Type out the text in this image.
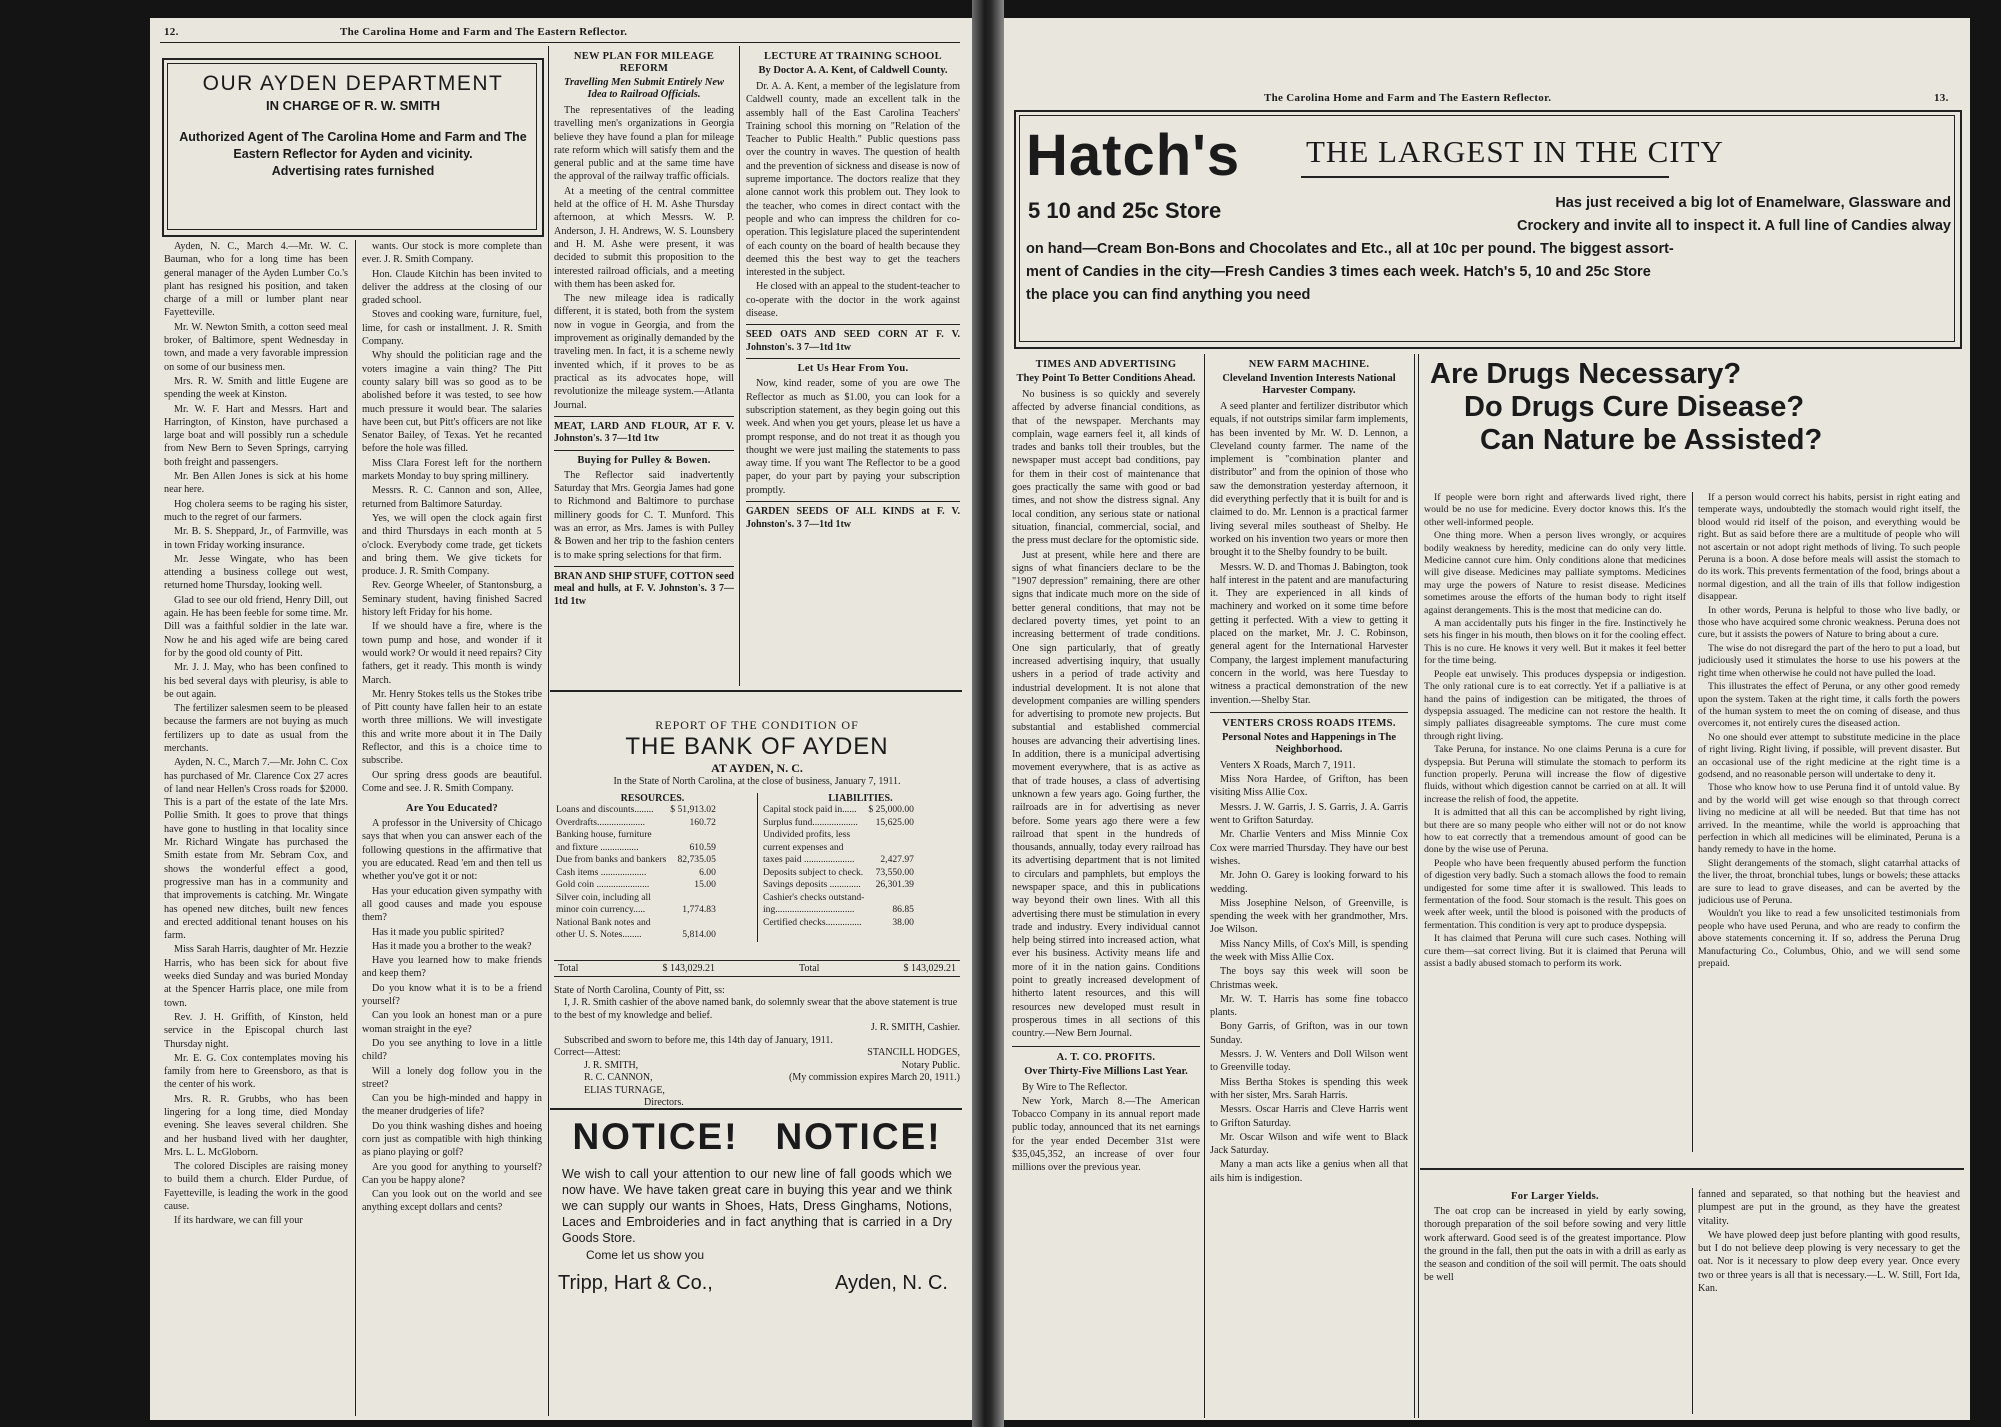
12.	The Carolina Home and Farm and The Eastern Reflector.
OUR AYDEN DEPARTMENT
IN CHARGE OF R. W. SMITH
Authorized Agent of The Carolina Home and Farm and The
Eastern Reflector for Ayden and vicinity.
Advertising rates furnished

Ayden, N. C., March 4.—Mr. W. C. Bauman, who for a long time has been general manager of the Ayden Lumber Co.'s plant has resigned his position, and taken charge of a mill or lumber plant near Fayetteville.

Mr. W. Newton Smith, a cotton seed meal broker, of Baltimore, spent Wednesday in town, and made a very favorable impression on some of our business men.

Mrs. R. W. Smith and little Eugene are spending the week at Kinston.

Mr. W. F. Hart and Messrs. Hart and Harrington, of Kinston, have purchased a large boat and will possibly run a schedule from New Bern to Seven Springs, carrying both freight and passengers.

Mr. Ben Allen Jones is sick at his home near here.

Hog cholera seems to be raging his sister, much to the regret of our farmers.

Mr. B. S. Sheppard, Jr., of Farmville, was in town Friday working insurance.

Mr. Jesse Wingate, who has been attending a business college out west, returned home Thursday, looking well.

Glad to see our old friend, Henry Dill, out again. He has been feeble for some time. Mr. Dill was a faithful soldier in the late war. Now he and his aged wife are being cared for by the good old county of Pitt.

Mr. J. J. May, who has been confined to his bed several days with pleurisy, is able to be out again.

The fertilizer salesmen seem to be pleased because the farmers are not buying as much fertilizers up to date as usual from the merchants.

Ayden, N. C., March 7.—Mr. John C. Cox has purchased of Mr. Clarence Cox 27 acres of land near Hellen's Cross roads for $2000. This is a part of the estate of the late Mrs. Pollie Smith. It goes to prove that things have gone to hustling in that locality since Mr. Richard Wingate has purchased the Smith estate from Mr. Sebram Cox, and shows the wonderful effect a good, progressive man has in a community and that improvements is catching. Mr. Wingate has opened new ditches, built new fences and erected additional tenant houses on his farm.

Miss Sarah Harris, daughter of Mr. Hezzie Harris, who has been sick for about five weeks died Sunday and was buried Monday at the Spencer Harris place, one mile from town.

Rev. J. H. Griffith, of Kinston, held service in the Episcopal church last Thursday night.

Mr. E. G. Cox contemplates moving his family from here to Greensboro, as that is the center of his work.

Mrs. R. R. Grubbs, who has been lingering for a long time, died Monday evening. She leaves several children. She and her husband lived with her daughter, Mrs. L. L. McGloborn.

The colored Disciples are raising money to build them a church. Elder Purdue, of Fayetteville, is leading the work in the good cause.

If its hardware, we can fill your

wants. Our stock is more complete than ever. J. R. Smith Company.

Hon. Claude Kitchin has been invited to deliver the address at the closing of our graded school.

Stoves and cooking ware, furniture, fuel, lime, for cash or installment. J. R. Smith Company.

Why should the politician rage and the voters imagine a vain thing? The Pitt county salary bill was so good as to be abolished before it was tested, to see how much pressure it would bear. The salaries have been cut, but Pitt's officers are not like Senator Bailey, of Texas. Yet he recanted before the hole was filled.

Miss Clara Forest left for the northern markets Monday to buy spring millinery.

Messrs. R. C. Cannon and son, Allee, returned from Baltimore Saturday.

Yes, we will open the clock again first and third Thursdays in each month at 5 o'clock. Everybody come trade, get tickets and bring them. We give tickets for produce. J. R. Smith Company.

Rev. George Wheeler, of Stantonsburg, a Seminary student, having finished Sacred history left Friday for his home.

If we should have a fire, where is the town pump and hose, and wonder if it would work? Or would it need repairs? City fathers, get it ready. This month is windy March.

Mr. Henry Stokes tells us the Stokes tribe of Pitt county have fallen heir to an estate worth three millions. We will investigate this and write more about it in The Daily Reflector, and this is a choice time to subscribe.

Our spring dress goods are beautiful. Come and see. J. R. Smith Company.

Are You Educated?

A professor in the University of Chicago says that when you can answer each of the following questions in the affirmative that you are educated. Read 'em and then tell us whether you've got it or not:

Has your education given sympathy with all good causes and made you espouse them?

Has it made you public spirited?

Has it made you a brother to the weak?

Have you learned how to make friends and keep them?

Do you know what it is to be a friend yourself?

Can you look an honest man or a pure woman straight in the eye?

Do you see anything to love in a little child?

Will a lonely dog follow you in the street?

Can you be high-minded and happy in the meaner drudgeries of life?

Do you think washing dishes and hoeing corn just as compatible with high thinking as piano playing or golf?

Are you good for anything to yourself? Can you be happy alone?

Can you look out on the world and see anything except dollars and cents?

NEW PLAN FOR MILEAGE REFORM
Travelling Men Submit Entirely New Idea to Railroad Officials.

The representatives of the leading travelling men's organizations in Georgia believe they have found a plan for mileage rate reform which will satisfy them and the general public and at the same time have the approval of the railway traffic officials.

At a meeting of the central committee held at the office of H. M. Ashe Thursday afternoon, at which Messrs. W. P. Anderson, J. H. Andrews, W. S. Lounsbery and H. M. Ashe were present, it was decided to submit this proposition to the interested railroad officials, and a meeting with them has been asked for.

The new mileage idea is radically different, it is stated, both from the system now in vogue in Georgia, and from the improvement as originally demanded by the traveling men. In fact, it is a scheme newly invented which, if it proves to be as practical as its advocates hope, will revolutionize the mileage system.—Atlanta Journal.

MEAT, LARD AND FLOUR, AT F. V. Johnston's. 3 7—1td 1tw
Buying for Pulley & Bowen.

The Reflector said inadvertently Saturday that Mrs. Georgia James had gone to Richmond and Baltimore to purchase millinery goods for C. T. Munford. This was an error, as Mrs. James is with Pulley & Bowen and her trip to the fashion centers is to make spring selections for that firm.

BRAN AND SHIP STUFF, COTTON seed meal and hulls, at F. V. Johnston's. 3 7—1td 1tw
LECTURE AT TRAINING SCHOOL
By Doctor A. A. Kent, of Caldwell County.

Dr. A. A. Kent, a member of the legislature from Caldwell county, made an excellent talk in the assembly hall of the East Carolina Teachers' Training school this morning on "Relation of the Teacher to Public Health." Public questions pass over the country in waves. The question of health and the prevention of sickness and disease is now of supreme importance. The doctors realize that they alone cannot work this problem out. They look to the teacher, who comes in direct contact with the people and who can impress the children for co-operation. This legislature placed the superintendent of each county on the board of health because they deemed this the best way to get the teachers interested in the subject.

He closed with an appeal to the student-teacher to co-operate with the doctor in the work against disease.

SEED OATS AND SEED CORN AT F. V. Johnston's. 3 7—1td 1tw
Let Us Hear From You.

Now, kind reader, some of you are owe The Reflector as much as $1.00, you can look for a subscription statement, as they begin going out this week. And when you get yours, please let us have a prompt response, and do not treat it as though you thought we were just mailing the statements to pass away time. If you want The Reflector to be a good paper, do your part by paying your subscription promptly.

GARDEN SEEDS OF ALL KINDS at F. V. Johnston's. 3 7—1td 1tw
REPORT OF THE CONDITION OF
THE BANK OF AYDEN
AT AYDEN, N. C.
In the State of North Carolina, at the close of business, January 7, 1911.
RESOURCES.
Loans and discounts........	$ 51,913.02
Overdrafts....................	160.72
Banking house, furniture	
and fixture ................	610.59
Due from banks and bankers	82,735.05
Cash items ...................	6.00
Gold coin ......................	15.00
Silver coin, including all	
minor coin currency.....	1,774.83
National Bank notes and	
other U. S. Notes........	5,814.00
LIABILITIES.
Capital stock paid in......	$ 25,000.00
Surplus fund...................	15,625.00
Undivided profits, less	
current expenses and	
taxes paid .....................	2,427.97
Deposits subject to check.	73,550.00
Savings deposits .............	26,301.39
Cashier's checks outstand-	
ing.................................	86.85
Certified checks...............	38.00
Total	$ 143,029.21	Total	$ 143,029.21
State of North Carolina, County of Pitt, ss:
I, J. R. Smith cashier of the above named bank, do solemnly swear that the above statement is true to the best of my knowledge and belief.
J. R. SMITH, Cashier.
Subscribed and sworn to before me, this 14th day of January, 1911.
Correct—Attest:
J. R. SMITH,
R. C. CANNON,
ELIAS TURNAGE,
Directors.
STANCILL HODGES,
Notary Public.
(My commission expires March 20, 1911.)
NOTICE! NOTICE!
We wish to call your attention to our new line of fall goods which we now have. We have taken great care in buying this year and we think we can supply our wants in Shoes, Hats, Dress Ginghams, Notions, Laces and Embroideries and in fact anything that is carried in a Dry Goods Store.
Come let us show you
Tripp, Hart & Co.,	Ayden, N. C.
The Carolina Home and Farm and The Eastern Reflector.	13.
Hatch's
5 10 and 25c Store
THE LARGEST IN THE CITY
Has just received a big lot of Enamelware, Glassware and
Crockery and invite all to inspect it. A full line of Candies alway
on hand—Cream Bon-Bons and Chocolates and Etc., all at 10c per pound. The biggest assort-
ment of Candies in the city—Fresh Candies 3 times each week. Hatch's 5, 10 and 25c Store
the place you can find anything you need
TIMES AND ADVERTISING
They Point To Better Conditions Ahead.

No business is so quickly and severely affected by adverse financial conditions, as that of the newspaper. Merchants may complain, wage earners feel it, all kinds of trades and banks toll their troubles, but the newspaper must accept bad conditions, pay for them in their cost of maintenance that goes practically the same with good or bad times, and not show the distress signal. Any local condition, any serious state or national situation, financial, commercial, social, and the press must declare for the optomistic side.

Just at present, while here and there are signs of what financiers declare to be the "1907 depression" remaining, there are other signs that indicate much more on the side of better general conditions, that may not be declared poverty times, yet point to an increasing betterment of trade conditions. One sign particularly, that of greatly increased advertising inquiry, that usually ushers in a period of trade activity and industrial development. It is not alone that development companies are willing spenders for advertising to promote new projects. But substantial and established commercial houses are advancing their advertising lines. In addition, there is a municipal advertising movement everywhere, that is as active as that of trade houses, a class of advertising unknown a few years ago. Going further, the railroads are in for advertising as never before. Some years ago there were a few railroad that spent in the hundreds of thousands, annually, today every railroad has its advertising department that is not limited to circulars and pamphlets, but employs the newspaper space, and this in publications way beyond their own lines. With all this advertising there must be stimulation in every trade and industry. Every individual cannot help being stirred into increased action, what ever his business. Activity means life and more of it in the nation gains. Conditions point to greatly increased development of hitherto latent resources, and this will resources new developed must result in prosperous times in all sections of this country.—New Bern Journal.

A. T. CO. PROFITS.
Over Thirty-Five Millions Last Year.

By Wire to The Reflector.

New York, March 8.—The American Tobacco Company in its annual report made public today, announced that its net earnings for the year ended December 31st were $35,045,352, an increase of over four millions over the previous year.

NEW FARM MACHINE.
Cleveland Invention Interests National Harvester Company.

A seed planter and fertilizer distributor which equals, if not outstrips similar farm implements, has been invented by Mr. W. D. Lennon, a Cleveland county farmer. The name of the implement is "combination planter and distributor" and from the opinion of those who saw the demonstration yesterday afternoon, it did everything perfectly that it is built for and is claimed to do. Mr. Lennon is a practical farmer living several miles southeast of Shelby. He worked on his invention two years or more then brought it to the Shelby foundry to be built.

Messrs. W. D. and Thomas J. Babington, took half interest in the patent and are manufacturing it. They are experienced in all kinds of machinery and worked on it some time before getting it perfected. With a view to getting it placed on the market, Mr. J. C. Robinson, general agent for the International Harvester Company, the largest implement manufacturing concern in the world, was here Tuesday to witness a practical demonstration of the new invention.—Shelby Star.

VENTERS CROSS ROADS ITEMS.
Personal Notes and Happenings in The Neighborhood.

Venters X Roads, March 7, 1911.

Miss Nora Hardee, of Grifton, has been visiting Miss Allie Cox.

Messrs. J. W. Garris, J. S. Garris, J. A. Garris went to Grifton Saturday.

Mr. Charlie Venters and Miss Minnie Cox Cox were married Thursday. They have our best wishes.

Mr. John O. Garey is looking forward to his wedding.

Miss Josephine Nelson, of Greenville, is spending the week with her grandmother, Mrs. Joe Wilson.

Miss Nancy Mills, of Cox's Mill, is spending the week with Miss Allie Cox.

The boys say this week will soon be Christmas week.

Mr. W. T. Harris has some fine tobacco plants.

Bony Garris, of Grifton, was in our town Sunday.

Messrs. J. W. Venters and Doll Wilson went to Greenville today.

Miss Bertha Stokes is spending this week with her sister, Mrs. Sarah Harris.

Messrs. Oscar Harris and Cleve Harris went to Grifton Saturday.

Mr. Oscar Wilson and wife went to Black Jack Saturday.

Many a man acts like a genius when all that ails him is indigestion.

Are Drugs Necessary?
Do Drugs Cure Disease?
Can Nature be Assisted?

If people were born right and afterwards lived right, there would be no use for medicine. Every doctor knows this. It's the other well-informed people.

One thing more. When a person lives wrongly, or acquires bodily weakness by heredity, medicine can do only very little. Medicine cannot cure him. Only conditions alone that medicines will give disease. Medicines may palliate symptoms. Medicines may urge the powers of Nature to resist disease. Medicines sometimes arouse the efforts of the human body to right itself against derangements. This is the most that medicine can do.

A man accidentally puts his finger in the fire. Instinctively he sets his finger in his mouth, then blows on it for the cooling effect. This is no cure. He knows it very well. But it makes it feel better for the time being.

People eat unwisely. This produces dyspepsia or indigestion. The only rational cure is to eat correctly. Yet if a palliative is at hand the pains of indigestion can be mitigated, the throes of dyspepsia assuaged. The medicine can not restore the health. It simply palliates disagreeable symptoms. The cure must come through right living.

Take Peruna, for instance. No one claims Peruna is a cure for dyspepsia. But Peruna will stimulate the stomach to perform its function properly. Peruna will increase the flow of digestive fluids, without which digestion cannot be carried on at all. It will increase the relish of food, the appetite.

It is admitted that all this can be accomplished by right living, but there are so many people who either will not or do not know how to eat correctly that a tremendous amount of good can be done by the wise use of Peruna.

People who have been frequently abused perform the function of digestion very badly. Such a stomach allows the food to remain undigested for some time after it is swallowed. This leads to fermentation of the food. Sour stomach is the result. This goes on week after week, until the blood is poisoned with the products of fermentation. This condition is very apt to produce dyspepsia.

It has claimed that Peruna will cure such cases. Nothing will cure them—sat correct living. But it is claimed that Peruna will assist a badly abused stomach to perform its work.

If a person would correct his habits, persist in right eating and temperate ways, undoubtedly the stomach would right itself, the blood would rid itself of the poison, and everything would be right. But as said before there are a multitude of people who will not ascertain or not adopt right methods of living. To such people Peruna is a boon. A dose before meals will assist the stomach to do its work. This prevents fermentation of the food, brings about a normal digestion, and all the train of ills that follow indigestion disappear.

In other words, Peruna is helpful to those who live badly, or those who have acquired some chronic weakness. Peruna does not cure, but it assists the powers of Nature to bring about a cure.

The wise do not disregard the part of the hero to put a load, but judiciously used it stimulates the horse to use his powers at the right time when otherwise he could not have pulled the load.

This illustrates the effect of Peruna, or any other good remedy upon the system. Taken at the right time, it calls forth the powers of the human system to meet the on coming of disease, and thus overcomes it, not entirely cures the diseased action.

No one should ever attempt to substitute medicine in the place of right living. Right living, if possible, will prevent disaster. But an occasional use of the right medicine at the right time is a godsend, and no reasonable person will undertake to deny it.

Those who know how to use Peruna find it of untold value. By and by the world will get wise enough so that through correct living no medicine at all will be needed. But that time has not arrived. In the meantime, while the world is approaching that perfection in which all medicines will be eliminated, Peruna is a handy remedy to have in the home.

Slight derangements of the stomach, slight catarrhal attacks of the liver, the throat, bronchial tubes, lungs or bowels; these attacks are sure to lead to grave diseases, and can be averted by the judicious use of Peruna.

Wouldn't you like to read a few unsolicited testimonials from people who have used Peruna, and who are ready to confirm the above statements concerning it. If so, address the Peruna Drug Manufacturing Co., Columbus, Ohio, and we will send some prepaid.

For Larger Yields.

The oat crop can be increased in yield by early sowing, thorough preparation of the soil before sowing and very little work afterward. Good seed is of the greatest importance. Plow the ground in the fall, then put the oats in with a drill as early as the season and condition of the soil will permit. The oats should be well

fanned and separated, so that nothing but the heaviest and plumpest are put in the ground, as they have the greatest vitality.

We have plowed deep just before planting with good results, but I do not believe deep plowing is very necessary to get the oat. Nor is it necessary to plow deep every year. Once every two or three years is all that is necessary.—L. W. Still, Fort Ida, Kan.
